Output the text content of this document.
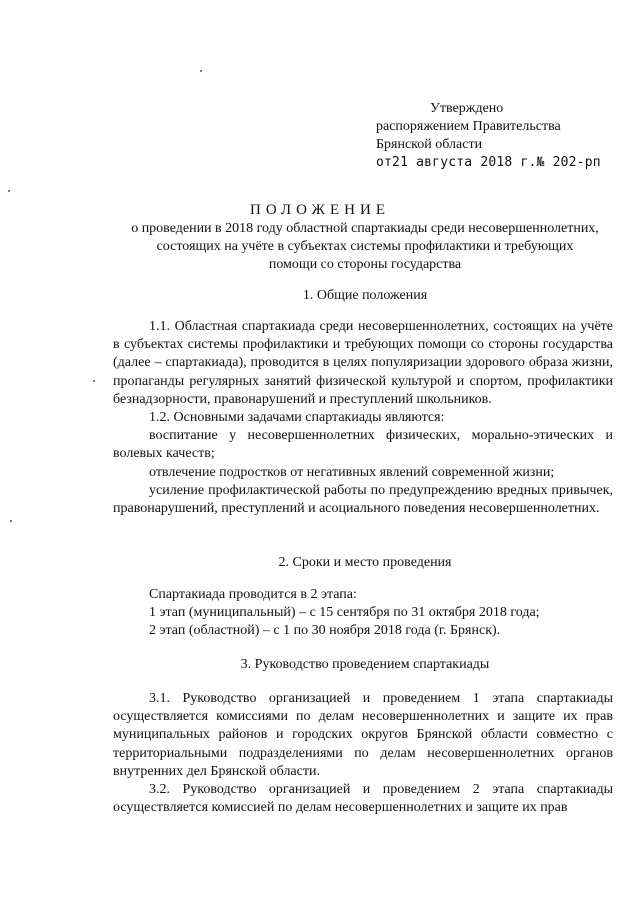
Утверждено
распоряжением Правительства
Брянской области
от21 августа 2018 г.№ 202-рп
ПОЛОЖЕНИЕ
о проведении в 2018 году областной спартакиады среди несовершеннолетних,
состоящих на учёте в субъектах системы профилактики и требующих
помощи со стороны государства
1. Общие положения

1.1. Областная спартакиада среди несовершеннолетних, состоящих на учёте в субъектах системы профилактики и требующих помощи со стороны государства (далее – спартакиада), проводится в целях популяризации здорового образа жизни, пропаганды регулярных занятий физической культурой и спортом, профилактики безнадзорности, правонарушений и преступлений школьников.

1.2. Основными задачами спартакиады являются:

воспитание у несовершеннолетних физических, морально-этических и волевых качеств;

отвлечение подростков от негативных явлений современной жизни;

усиление профилактической работы по предупреждению вредных привычек, правонарушений, преступлений и асоциального поведения несовершеннолетних.

2. Сроки и место проведения

Спартакиада проводится в 2 этапа:

1 этап (муниципальный) – с 15 сентября по 31 октября 2018 года;

2 этап (областной) – с 1 по 30 ноября 2018 года (г. Брянск).

3. Руководство проведением спартакиады

3.1. Руководство организацией и проведением 1 этапа спартакиады осуществляется комиссиями по делам несовершеннолетних и защите их прав муниципальных районов и городских округов Брянской области совместно с территориальными подразделениями по делам несовершеннолетних органов внутренних дел Брянской области.

3.2. Руководство организацией и проведением 2 этапа спартакиады осуществляется комиссией по делам несовершеннолетних и защите их прав
